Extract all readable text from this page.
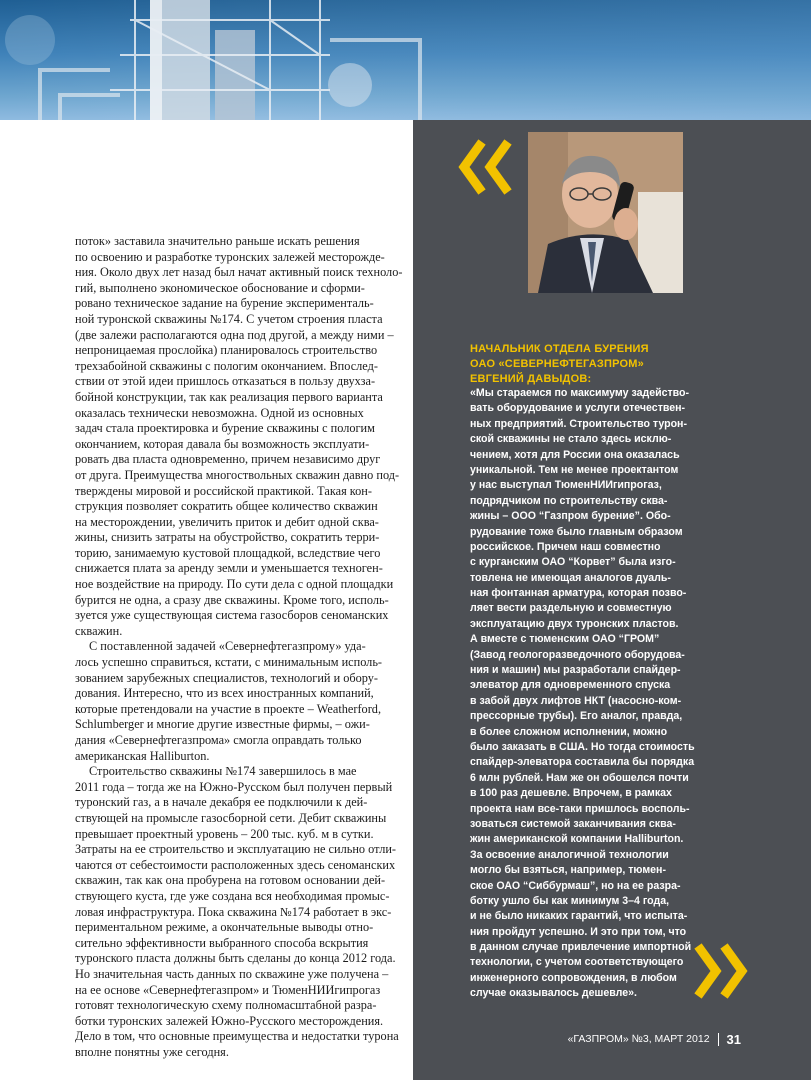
поток» заставила значительно раньше искать решения
по освоению и разработке туронских залежей месторожде-
ния. Около двух лет назад был начат активный поиск техноло-
гий, выполнено экономическое обоснование и сформи-
ровано техническое задание на бурение эксперименталь-
ной туронской скважины №174. С учетом строения пласта
(две залежи располагаются одна под другой, а между ними –
непроницаемая прослойка) планировалось строительство
трехзабойной скважины с пологим окончанием. Впослед-
ствии от этой идеи пришлось отказаться в пользу двухза-
бойной конструкции, так как реализация первого варианта
оказалась технически невозможна. Одной из основных
задач стала проектировка и бурение скважины с пологим
окончанием, которая давала бы возможность эксплуати-
ровать два пласта одновременно, причем независимо друг
от друга. Преимущества многоствольных скважин давно под-
тверждены мировой и российской практикой. Такая кон-
струкция позволяет сократить общее количество скважин
на месторождении, увеличить приток и дебит одной сква-
жины, снизить затраты на обустройство, сократить терри-
торию, занимаемую кустовой площадкой, вследствие чего
снижается плата за аренду земли и уменьшается техноген-
ное воздействие на природу. По сути дела с одной площадки
бурится не одна, а сразу две скважины. Кроме того, исполь-
зуется уже существующая система газосборов сеноманских
скважин.
С поставленной задачей «Севернефтегазпрому» уда-
лось успешно справиться, кстати, с минимальным исполь-
зованием зарубежных специалистов, технологий и обору-
дования. Интересно, что из всех иностранных компаний,
которые претендовали на участие в проекте – Weatherford,
Schlumberger и многие другие известные фирмы, – ожи-
дания «Севернефтегазпрома» смогла оправдать только
американская Halliburton.
Строительство скважины №174 завершилось в мае
2011 года – тогда же на Южно-Русском был получен первый
туронский газ, а в начале декабря ее подключили к дей-
ствующей на промысле газосборной сети. Дебит скважины
превышает проектный уровень – 200 тыс. куб. м в сутки.
Затраты на ее строительство и эксплуатацию не сильно отли-
чаются от себестоимости расположенных здесь сеноманских
скважин, так как она пробурена на готовом основании дей-
ствующего куста, где уже создана вся необходимая промыс-
ловая инфраструктура. Пока скважина №174 работает в экс-
периментальном режиме, а окончательные выводы отно-
сительно эффективности выбранного способа вскрытия
туронского пласта должны быть сделаны до конца 2012 года.
Но значительная часть данных по скважине уже получена –
на ее основе «Севернефтегазпром» и ТюменНИИгипрогаз
готовят технологическую схему полномасштабной разра-
ботки туронских залежей Южно-Русского месторождения.
Дело в том, что основные преимущества и недостатки турона
вполне понятны уже сегодня.
НАЧАЛЬНИК ОТДЕЛА БУРЕНИЯ
ОАО «СЕВЕРНЕФТЕГАЗПРОМ»
ЕВГЕНИЙ ДАВЫДОВ:
«Мы стараемся по максимуму задейство-
вать оборудование и услуги отечествен-
ных предприятий. Строительство турон-
ской скважины не стало здесь исклю-
чением, хотя для России она оказалась
уникальной. Тем не менее проектантом
у нас выступал ТюменНИИгипрогаз,
подрядчиком по строительству сква-
жины – ООО “Газпром бурение”. Обо-
рудование тоже было главным образом
российское. Причем наш совместно
с курганским ОАО “Корвет” была изго-
товлена не имеющая аналогов дуаль-
ная фонтанная арматура, которая позво-
ляет вести раздельную и совместную
эксплуатацию двух туронских пластов.
А вместе с тюменским ОАО “ГРОМ”
(Завод геологоразведочного оборудова-
ния и машин) мы разработали спайдер-
элеватор для одновременного спуска
в забой двух лифтов НКТ (насосно-ком-
прессорные трубы). Его аналог, правда,
в более сложном исполнении, можно
было заказать в США. Но тогда стоимость
спайдер-элеватора составила бы порядка
6 млн рублей. Нам же он обошелся почти
в 100 раз дешевле. Впрочем, в рамках
проекта нам все-таки пришлось восполь-
зоваться системой заканчивания сква-
жин американской компании Halliburton.
За освоение аналогичной технологии
могло бы взяться, например, тюмен-
ское ОАО “Сиббурмаш”, но на ее разра-
ботку ушло бы как минимум 3–4 года,
и не было никаких гарантий, что испыта-
ния пройдут успешно. И это при том, что
в данном случае привлечение импортной
технологии, с учетом соответствующего
инженерного сопровождения, в любом
случае оказывалось дешевле».
«ГАЗПРОМ» №3, МАРТ 2012 31
